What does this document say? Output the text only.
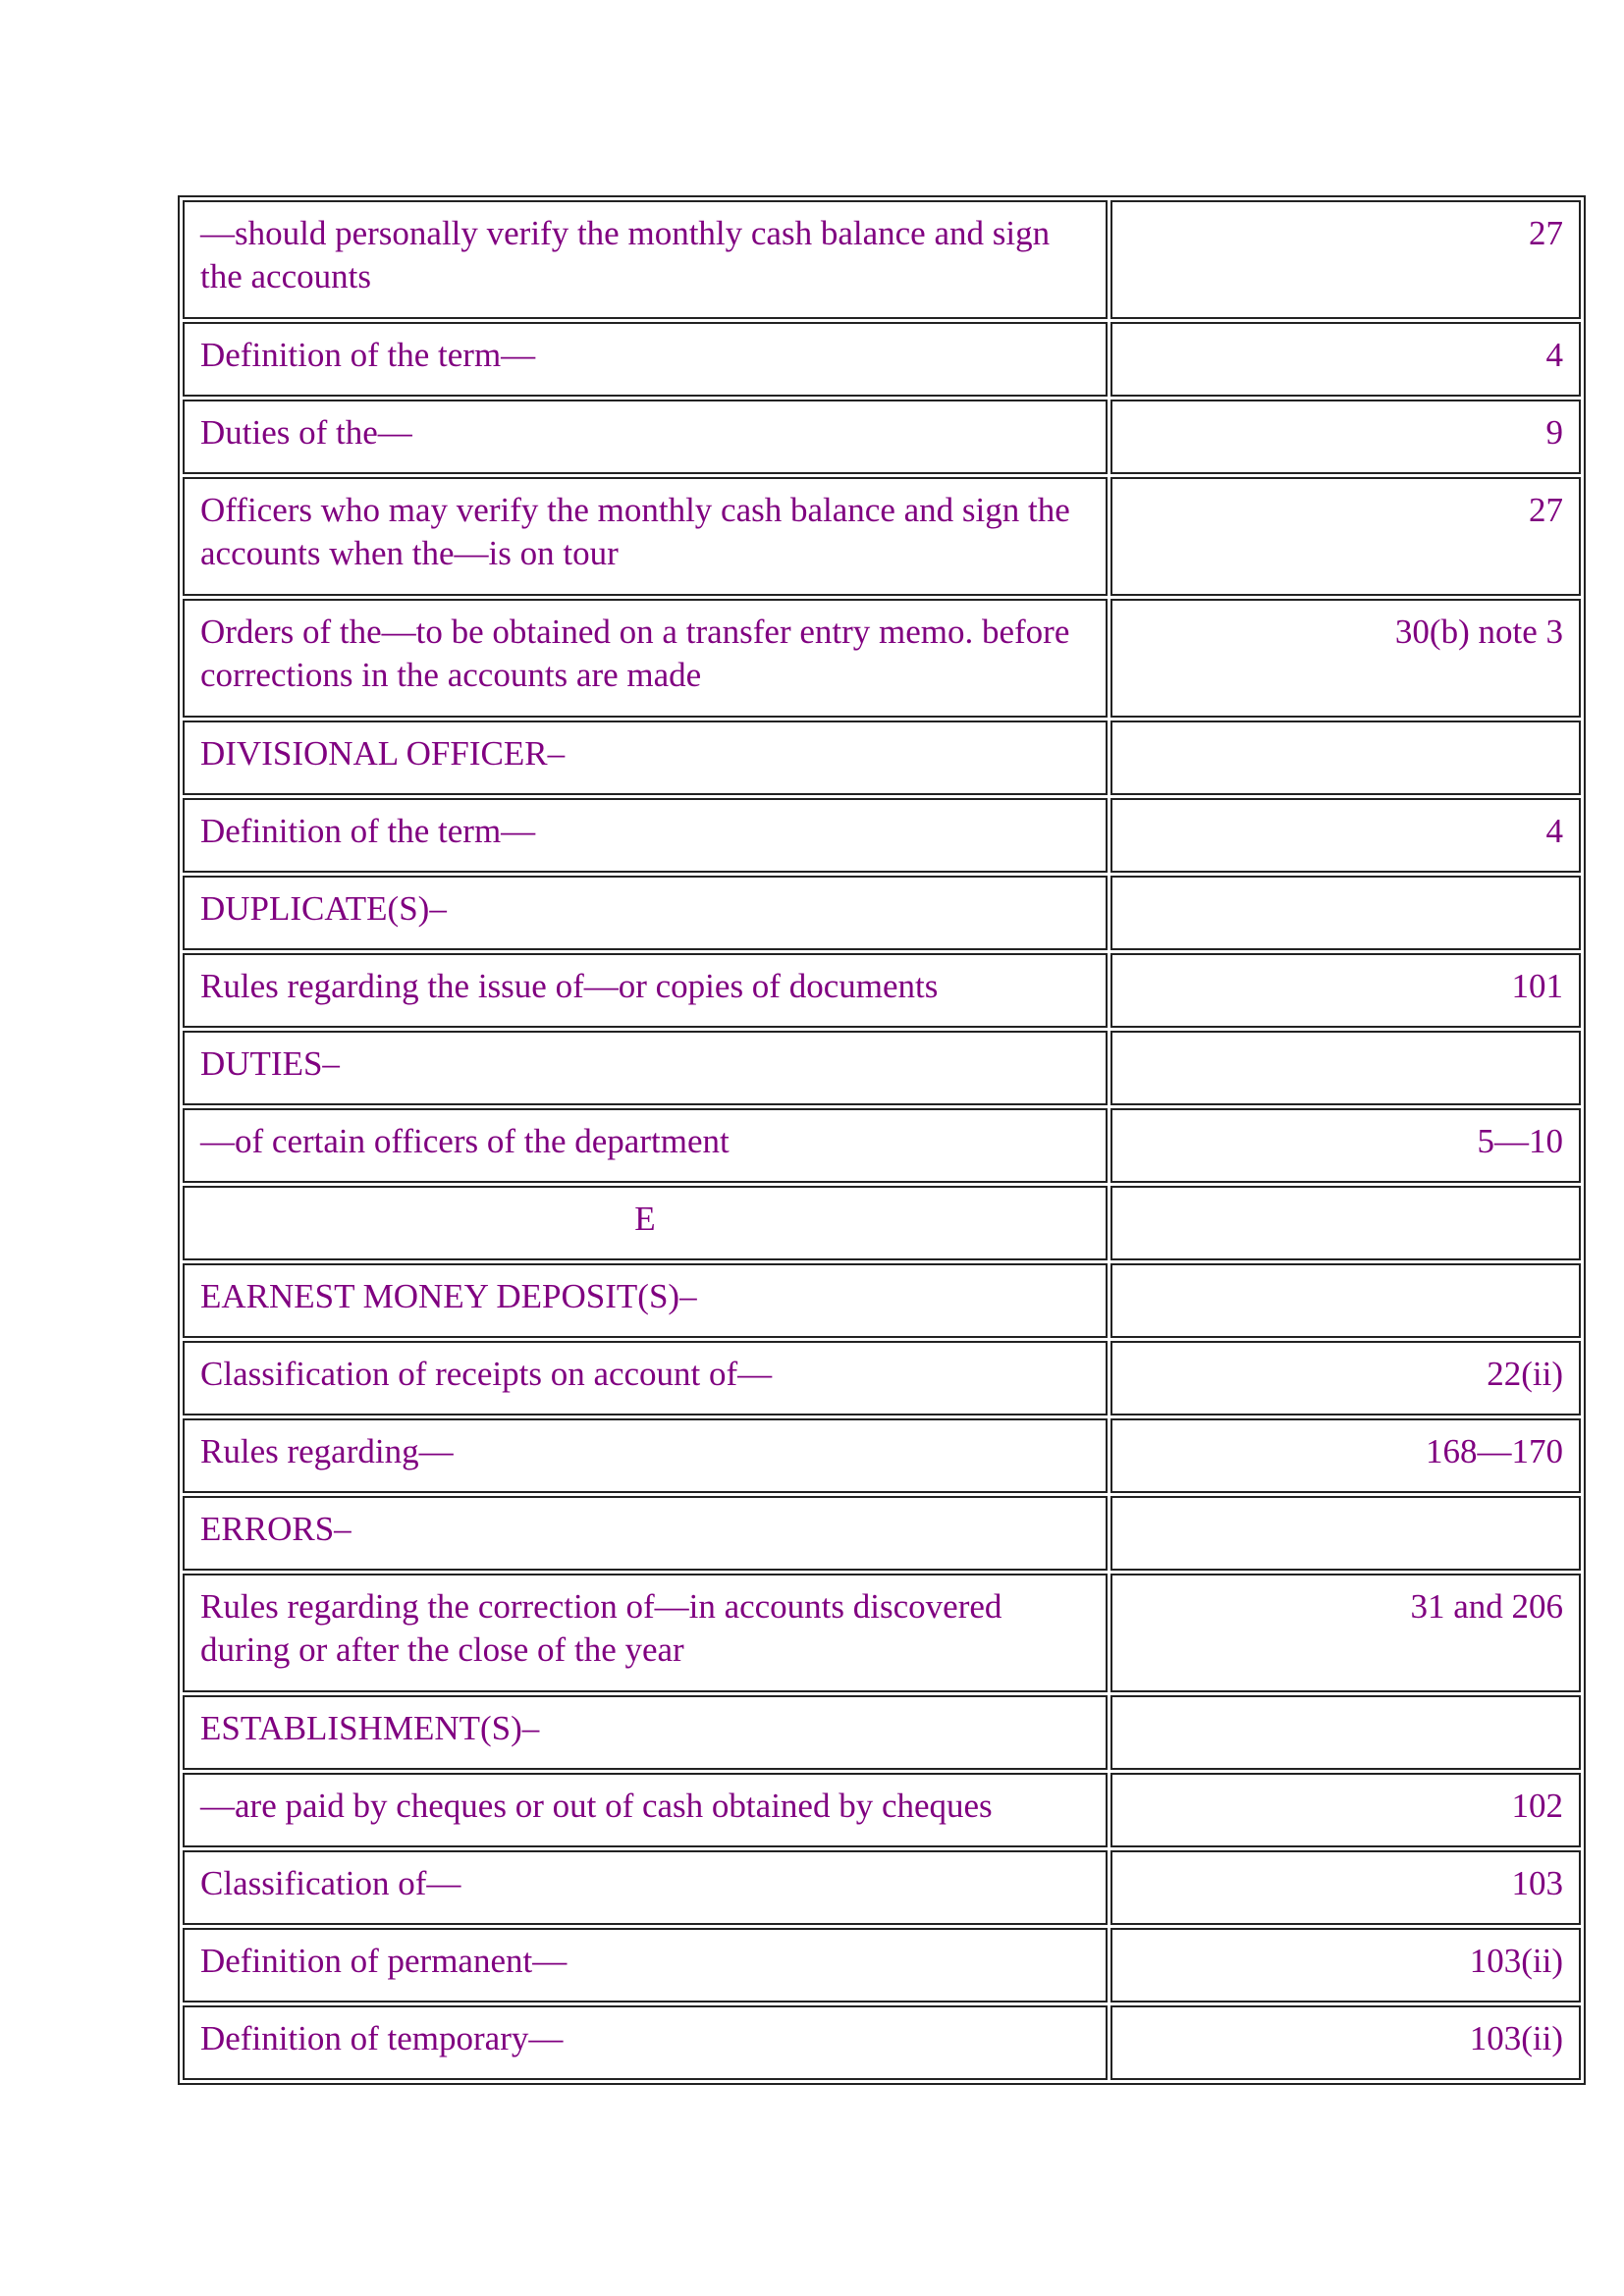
—should personally verify the monthly cash balance and sign the accounts	27
Definition of the term—	4
Duties of the—	9
Officers who may verify the monthly cash balance and sign the accounts when the—is on tour	27
Orders of the—to be obtained on a transfer entry memo. before corrections in the accounts are made	30(b) note 3
DIVISIONAL OFFICER–	
Definition of the term—	4
DUPLICATE(S)–	
Rules regarding the issue of—or copies of documents	101
DUTIES–	
—of certain officers of the department	5—10
E	
EARNEST MONEY DEPOSIT(S)–	
Classification of receipts on account of—	22(ii)
Rules regarding—	168—170
ERRORS–	
Rules regarding the correction of—in accounts discovered during or after the close of the year	31 and 206
ESTABLISHMENT(S)–	
—are paid by cheques or out of cash obtained by cheques	102
Classification of—	103
Definition of permanent—	103(ii)
Definition of temporary—	103(ii)
